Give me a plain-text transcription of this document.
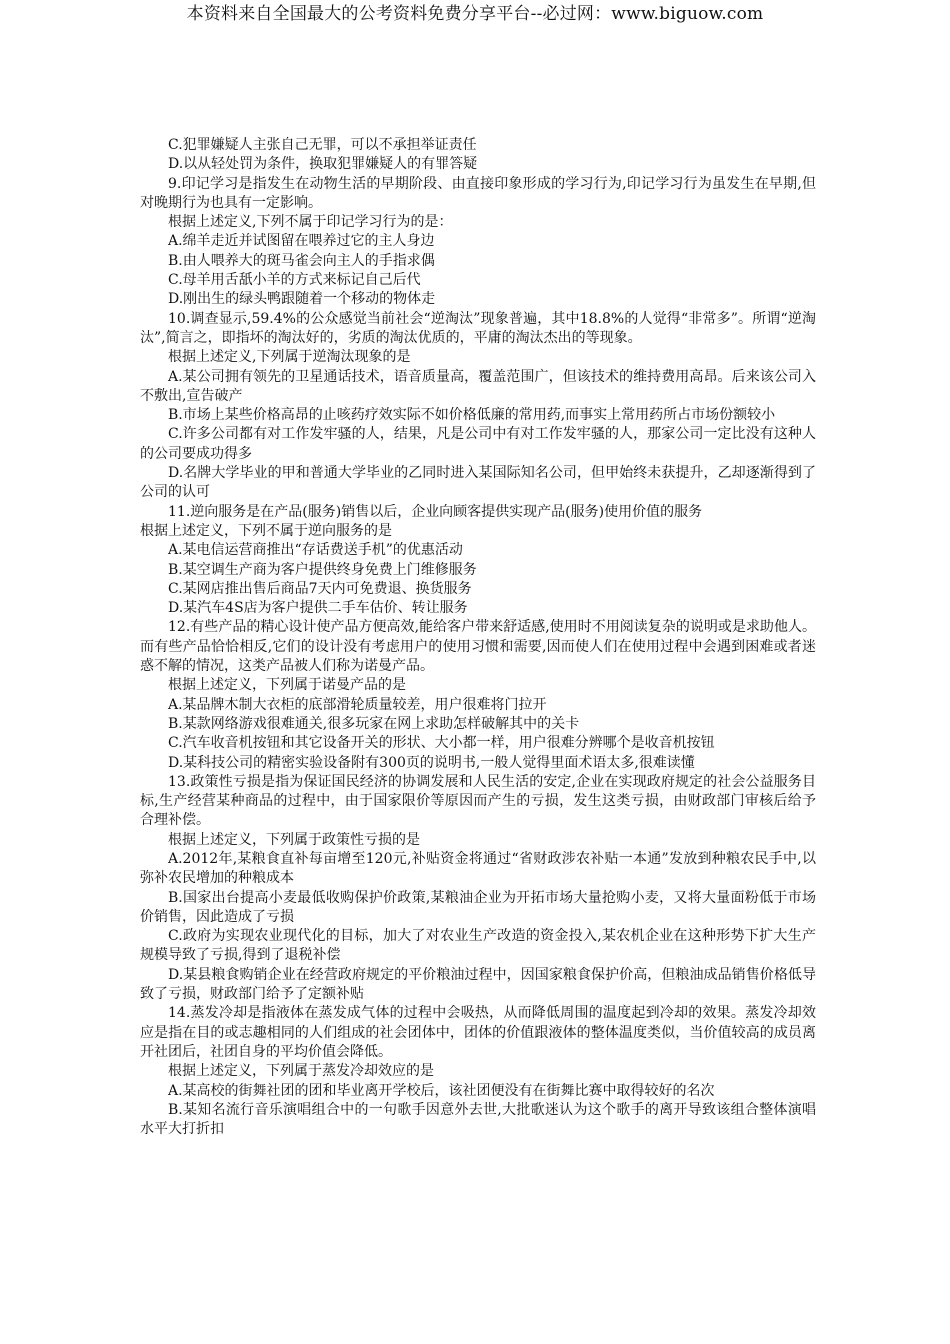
本资料来自全国最大的公考资料免费分享平台--必过网：www.biguow.com

C.犯罪嫌疑人主张自己无罪，可以不承担举证责任

D.以从轻处罚为条件，换取犯罪嫌疑人的有罪答疑

9.印记学习是指发生在动物生活的早期阶段、由直接印象形成的学习行为,印记学习行为虽发生在早期,但对晚期行为也具有一定影响。

根据上述定义,下列不属于印记学习行为的是：

A.绵羊走近并试图留在喂养过它的主人身边

B.由人喂养大的斑马雀会向主人的手指求偶

C.母羊用舌舐小羊的方式来标记自己后代

D.刚出生的绿头鸭跟随着一个移动的物体走

10.调查显示,59.4%的公众感觉当前社会“逆淘汰”现象普遍，其中18.8%的人觉得“非常多”。所谓“逆淘汰”,简言之，即指坏的淘汰好的，劣质的淘汰优质的，平庸的淘汰杰出的等现象。

根据上述定义,下列属于逆淘汰现象的是

A.某公司拥有领先的卫星通话技术，语音质量高，覆盖范围广，但该技术的维持费用高昂。后来该公司入不敷出,宣告破产

B.市场上某些价格高昂的止咳药疗效实际不如价格低廉的常用药,而事实上常用药所占市场份额较小

C.许多公司都有对工作发牢骚的人，结果，凡是公司中有对工作发牢骚的人，那家公司一定比没有这种人的公司要成功得多

D.名牌大学毕业的甲和普通大学毕业的乙同时进入某国际知名公司，但甲始终未获提升，乙却逐渐得到了公司的认可

11.逆向服务是在产品(服务)销售以后，企业向顾客提供实现产品(服务)使用价值的服务

根据上述定义，下列不属于逆向服务的是

A.某电信运营商推出“存话费送手机”的优惠活动

B.某空调生产商为客户提供终身免费上门维修服务

C.某网店推出售后商品7天内可免费退、换货服务

D.某汽车4S店为客户提供二手车估价、转让服务

12.有些产品的精心设计使产品方便高效,能给客户带来舒适感,使用时不用阅读复杂的说明或是求助他人。而有些产品恰恰相反,它们的设计没有考虑用户的使用习惯和需要,因而使人们在使用过程中会遇到困难或者迷惑不解的情况，这类产品被人们称为诺曼产品。

根据上述定义，下列属于诺曼产品的是

A.某品牌木制大衣柜的底部滑轮质量较差，用户很难将门拉开

B.某款网络游戏很难通关,很多玩家在网上求助怎样破解其中的关卡

C.汽车收音机按钮和其它设备开关的形状、大小都一样，用户很难分辨哪个是收音机按钮

D.某科技公司的精密实验设备附有300页的说明书,一般人觉得里面术语太多,很难读懂

13.政策性亏损是指为保证国民经济的协调发展和人民生活的安定,企业在实现政府规定的社会公益服务目标,生产经营某种商品的过程中，由于国家限价等原因而产生的亏损，发生这类亏损，由财政部门审核后给予合理补偿。

根据上述定义，下列属于政策性亏损的是

A.2012年,某粮食直补每亩增至120元,补贴资金将通过“省财政涉农补贴一本通”发放到种粮农民手中,以弥补农民增加的种粮成本

B.国家出台提高小麦最低收购保护价政策,某粮油企业为开拓市场大量抢购小麦，又将大量面粉低于市场价销售，因此造成了亏损

C.政府为实现农业现代化的目标，加大了对农业生产改造的资金投入,某农机企业在这种形势下扩大生产规模导致了亏损,得到了退税补偿

D.某县粮食购销企业在经营政府规定的平价粮油过程中，因国家粮食保护价高，但粮油成品销售价格低导致了亏损，财政部门给予了定额补贴

14.蒸发冷却是指液体在蒸发成气体的过程中会吸热，从而降低周围的温度起到冷却的效果。蒸发冷却效应是指在目的或志趣相同的人们组成的社会团体中，团体的价值跟液体的整体温度类似，当价值较高的成员离开社团后，社团自身的平均价值会降低。

根据上述定义，下列属于蒸发冷却效应的是

A.某高校的街舞社团的团和毕业离开学校后，该社团便没有在街舞比赛中取得较好的名次

B.某知名流行音乐演唱组合中的一句歌手因意外去世,大批歌迷认为这个歌手的离开导致该组合整体演唱水平大打折扣
